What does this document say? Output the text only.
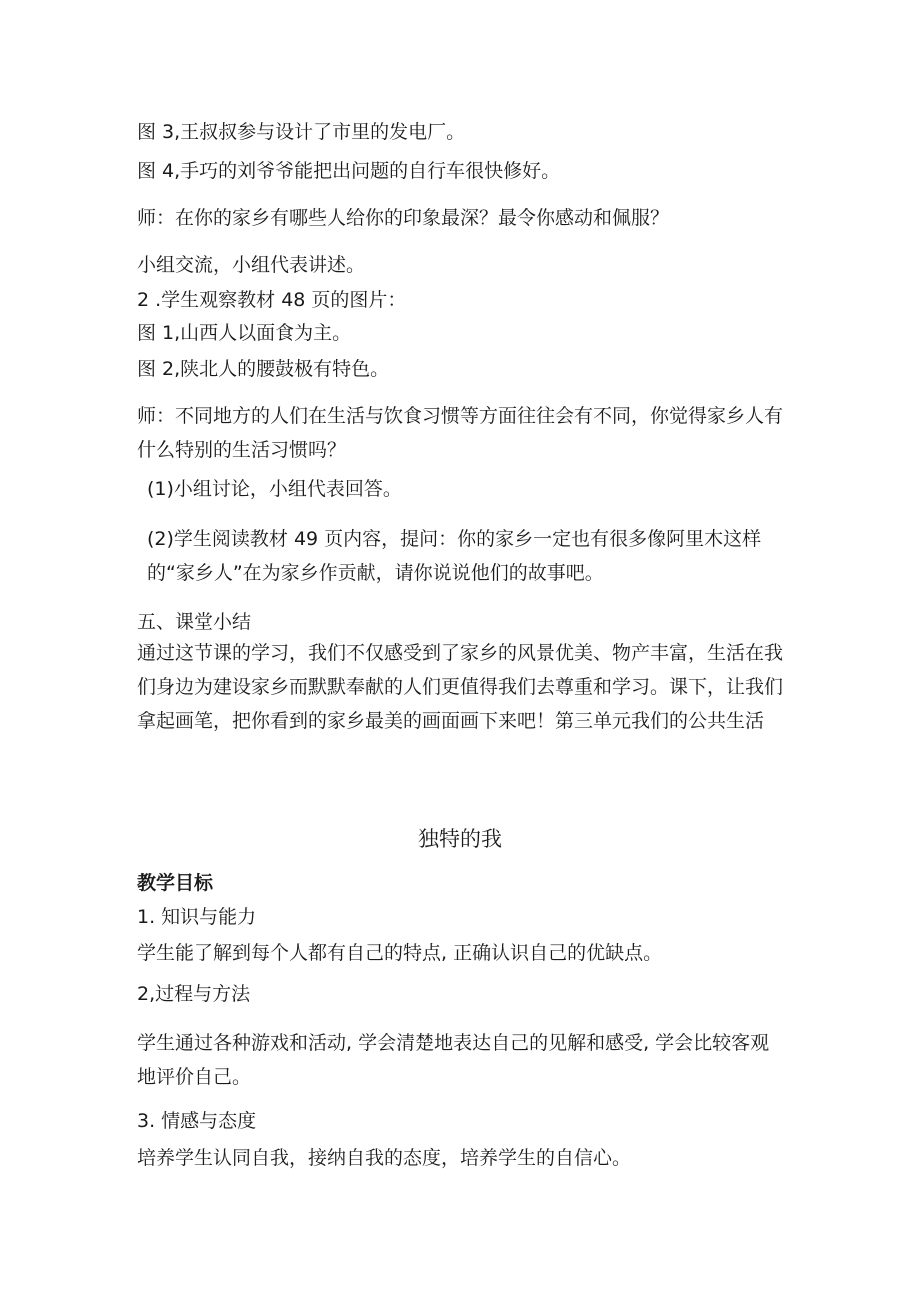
图 3,王叔叔参与设计了市里的发电厂。
图 4,手巧的刘爷爷能把出问题的自行车很快修好。
师：在你的家乡有哪些人给你的印象最深？最令你感动和佩服？
小组交流，小组代表讲述。
2 .学生观察教材 48 页的图片：
图 1,山西人以面食为主。
图 2,陕北人的腰鼓极有特色。
师：不同地方的人们在生活与饮食习惯等方面往往会有不同，你觉得家乡人有什么特别的生活习惯吗？
(1)小组讨论，小组代表回答。
(2)学生阅读教材 49 页内容，提问：你的家乡一定也有很多像阿里木这样的“家乡人”在为家乡作贡献，请你说说他们的故事吧。
五、课堂小结
通过这节课的学习，我们不仅感受到了家乡的风景优美、物产丰富，生活在我们身边为建设家乡而默默奉献的人们更值得我们去尊重和学习。课下，让我们拿起画笔，把你看到的家乡最美的画面画下来吧！第三单元我们的公共生活
独特的我
教学目标
1. 知识与能力
学生能了解到每个人都有自己的特点, 正确认识自己的优缺点。
2,过程与方法
学生通过各种游戏和活动, 学会清楚地表达自己的见解和感受, 学会比较客观地评价自己。
3. 情感与态度
培养学生认同自我，接纳自我的态度，培养学生的自信心。
